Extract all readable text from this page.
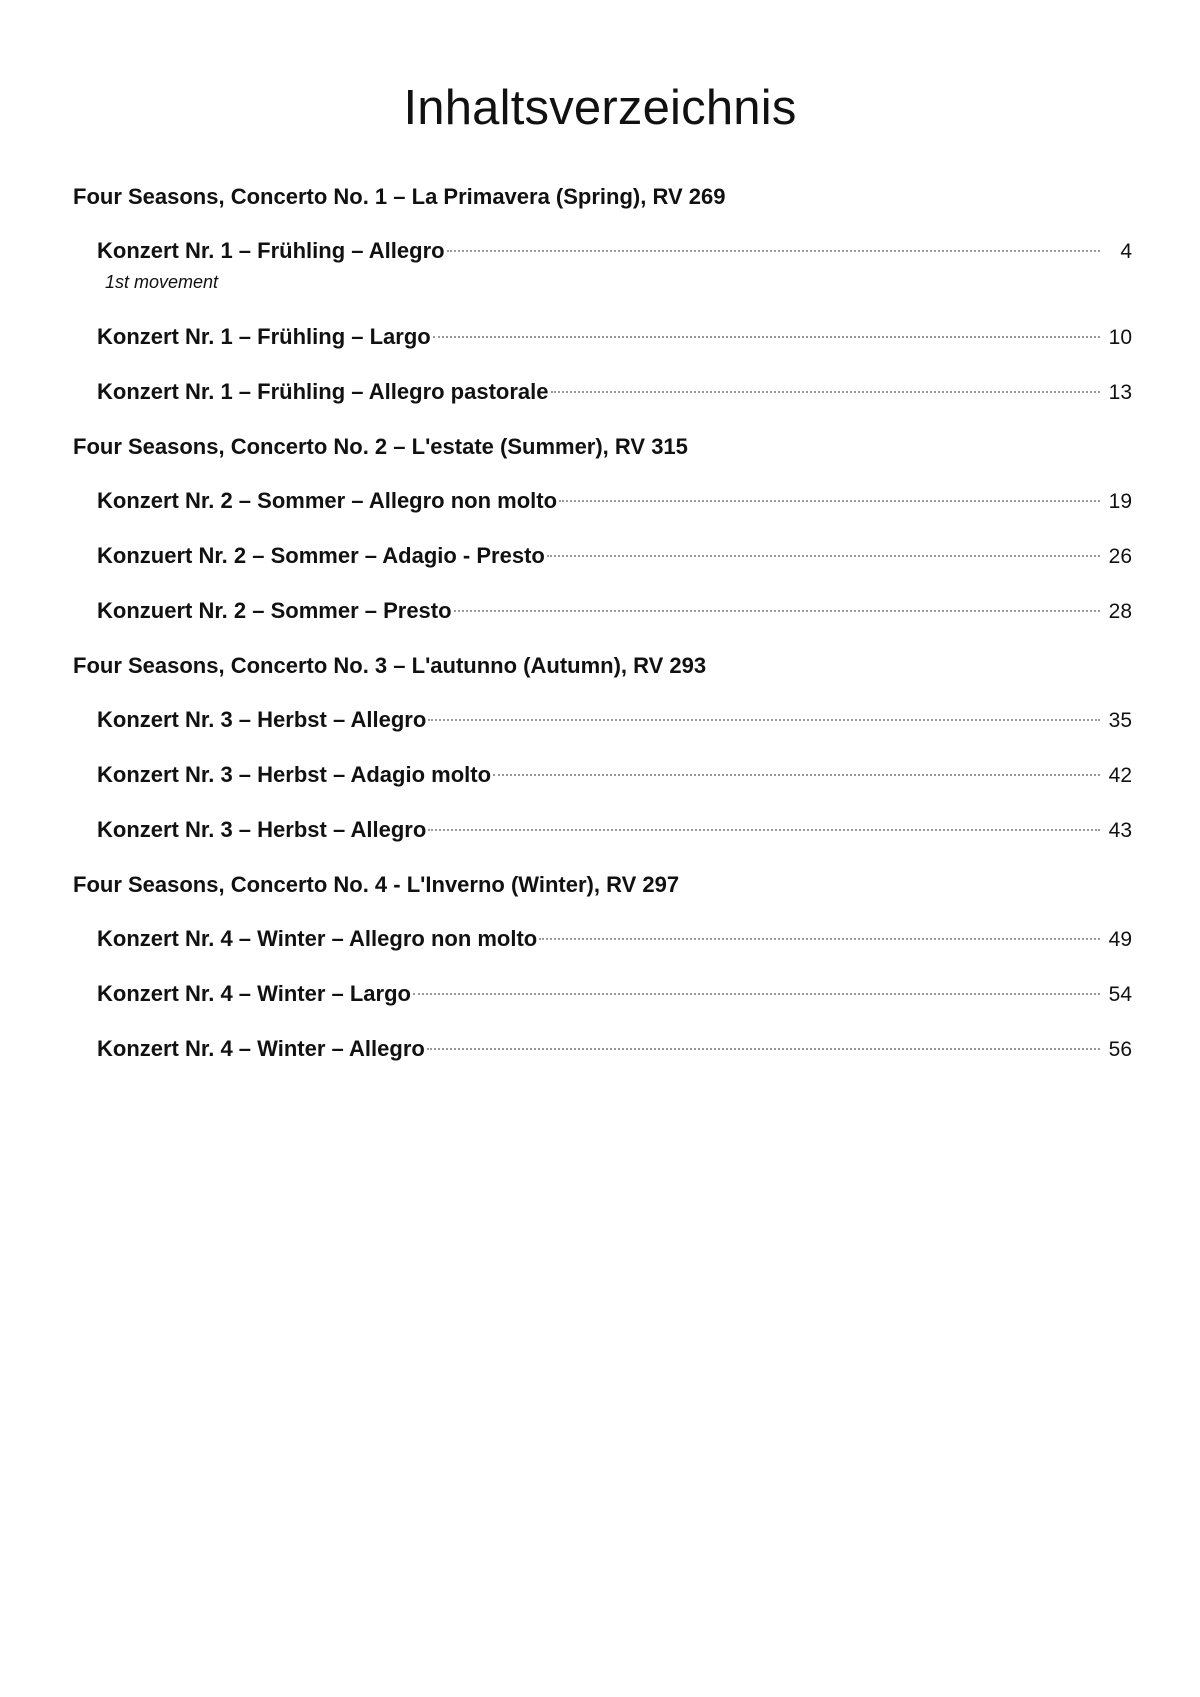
Inhaltsverzeichnis
Four Seasons, Concerto No. 1 – La Primavera (Spring), RV 269
Konzert Nr. 1 – Frühling – Allegro	4
1st movement
Konzert Nr. 1 – Frühling – Largo	10
Konzert Nr. 1 – Frühling – Allegro pastorale	13
Four Seasons, Concerto No. 2 – L'estate (Summer), RV 315
Konzert Nr. 2 – Sommer – Allegro non molto	19
Konzuert Nr. 2 – Sommer – Adagio - Presto	26
Konzuert Nr. 2 – Sommer – Presto	28
Four Seasons, Concerto No. 3 – L'autunno (Autumn), RV 293
Konzert Nr. 3 – Herbst – Allegro	35
Konzert Nr. 3 – Herbst – Adagio molto	42
Konzert Nr. 3 – Herbst – Allegro	43
Four Seasons, Concerto No. 4 - L'Inverno (Winter), RV 297
Konzert Nr. 4 – Winter – Allegro non molto	49
Konzert Nr. 4 – Winter – Largo	54
Konzert Nr. 4 – Winter – Allegro	56
